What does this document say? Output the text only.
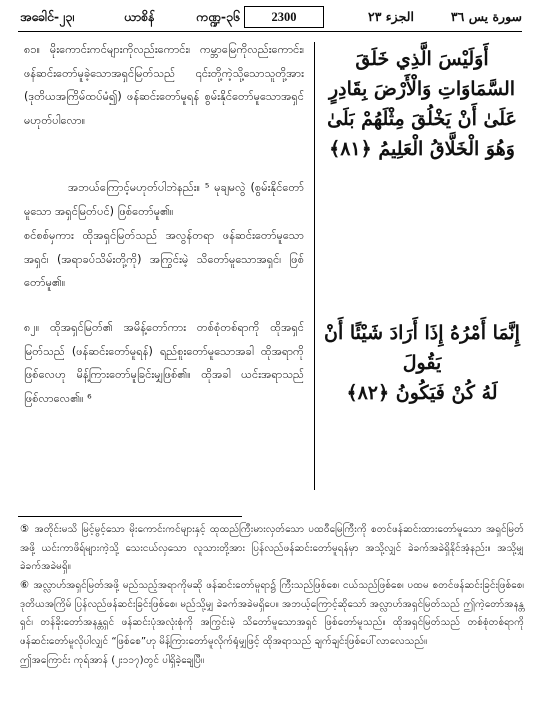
အခေါင်-၂၃၊	ယာစိန်	ကဏ္ဍ-၃၆	2300	الجزء ٢٣	سورة يس ٣٦

၈၁။ မိုးကောင်းကင်များကိုလည်းကောင်း၊ ကမ္ဘာမြေကိုလည်းကောင်း၊ ဖန်ဆင်းတော်မူခဲ့သောအရှင်မြတ်သည် ၎င်းတို့ကဲ့သို့သောသူတို့အား (ဒုတိယအကြိမ်ထပ်မံ၍) ဖန်ဆင်းတော်မူရန် စွမ်းနိုင်တော်မူသောအရှင် မဟုတ်ပါလော။

အဘယ်ကြောင့်မဟုတ်ပါဘဲနည်း။ ⁵ မုချမလွဲ (စွမ်းနိုင်တော်မူသော အရှင်မြတ်ပင်) ဖြစ်တော်မူ၏။

စင်စစ်မှကား ထိုအရှင်မြတ်သည် အလွန်တရာ ဖန်ဆင်းတော်မူသောအရှင်၊ (အရာခပ်သိမ်းတို့ကို) အကြွင်းမဲ့ သိတော်မူသောအရှင်၊ ဖြစ်တော်မူ၏။

၈၂။ ထိုအရှင်မြတ်၏ အမိန့်တော်ကား တစ်စုံတစ်ရာကို ထိုအရှင်မြတ်သည် (ဖန်ဆင်းတော်မူရန်) ရည်စူးတော်မူသောအခါ ထိုအရာကို ဖြစ်လေဟု မိန့်ကြားတော်မူခြင်းမျှဖြစ်၏။ ထိုအခါ ယင်းအရာသည် ဖြစ်လာလေ၏။ ⁶

أَوَلَيْسَ الَّذِي خَلَقَ
السَّمَاوَاتِ وَالْأَرْضَ بِقَادِرٍ
عَلَىٰ أَنْ يَخْلُقَ مِثْلَهُمْ بَلَىٰ
وَهُوَ الْخَلَّاقُ الْعَلِيمُ ﴿٨١﴾

إِنَّمَا أَمْرُهُ إِذَا أَرَادَ شَيْئًا أَنْ يَقُولَ
لَهُ كُنْ فَيَكُونُ ﴿٨٢﴾

⑤ အတိုင်းမသိ မြင့်မွင့်သော မိုးကောင်းကင်များနှင့် ထုထည်ကြီးမားလှတ်သော ပထဝီမြေကြီးကို စတင်ဖန်ဆင်းထားတော်မူသော အရှင်မြတ်အဖို့ ယင်းကာဖိရ်များကဲ့သို့ သေးငယ်လှသော လူသားတို့အား ပြန်လည်ဖန်ဆင်းတော်မူရန်မှာ အသို့လျှင် ခဲခက်အခဲရှိနိုင်အံ့နည်း။ အသို့မျှ ခဲခက်အခဲမရှိ။

⑥ အလ္လာဟ်အရှင်မြတ်အဖို့ မည်သည့်အရာကိုမဆို ဖန်ဆင်းတော်မူရာ၌ ကြီးသည်ဖြစ်စေ၊ ငယ်သည်ဖြစ်စေ၊ ပထမ စတင်ဖန်ဆင်းခြင်းဖြစ်စေ၊ ဒုတိယအကြိမ် ပြန်လည်ဖန်ဆင်းခြင်းဖြစ်စေ၊ မည်သို့မျှ ခဲခက်အခဲမရှိပေ။ အဘယ့်ကြောင့်ဆိုသော် အလ္လာဟ်အရှင်မြတ်သည် ဤကဲ့တော်အနန္တရှင်၊ တန်ခိုးတော်အနန္တရှင် ဖန်ဆင်းပုံအလုံးစုံကို အကြွင်းမဲ့ သိတော်မူသောအရှင် ဖြစ်တော်မူသည်။ ထိုအရှင်မြတ်သည် တစ်စုံတစ်ရာကို ဖန်ဆင်းတော်မူလိုပါလျှင် “ဖြစ်စေ”ဟု မိန့်ကြားတော်မူလိုက်ရုံမျှဖြင့် ထိုအရာသည် ချက်ချင်းဖြစ်ပေါ်လာလေသည်။
ဤအကြောင်း ကုရ်အာန် (၂း၁၁၇)တွင် ပါရှိခဲ့ချေပြီ။
